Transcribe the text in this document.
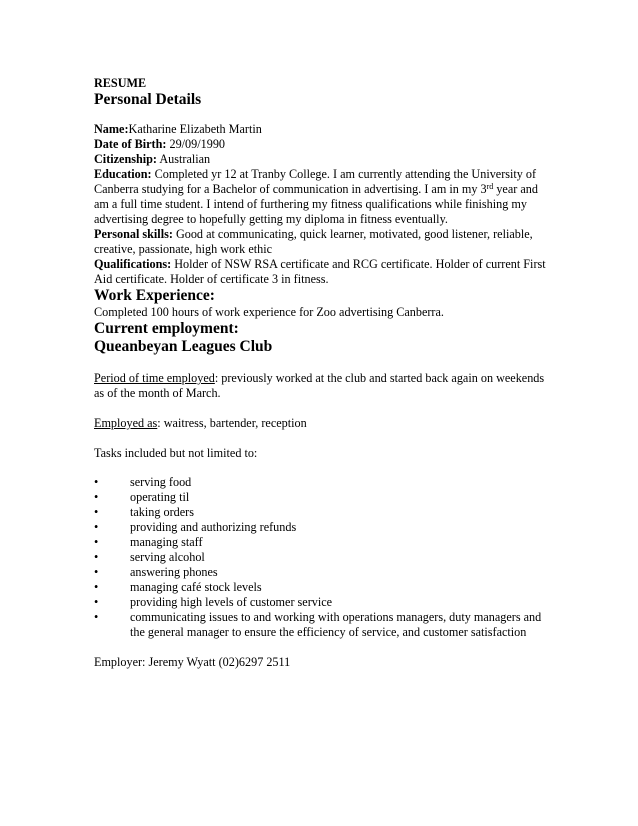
RESUME

Personal Details

Name:Katharine Elizabeth Martin

Date of Birth: 29/09/1990

Citizenship: Australian

Education: Completed yr 12 at Tranby College. I am currently attending the University of Canberra studying for a Bachelor of communication in advertising. I am in my 3rd year and am a full time student. I intend of furthering my fitness qualifications while finishing my advertising degree to hopefully getting my diploma in fitness eventually.

Personal skills: Good at communicating, quick learner, motivated, good listener, reliable, creative, passionate, high work ethic

Qualifications: Holder of NSW RSA certificate and RCG certificate. Holder of current First Aid certificate. Holder of certificate 3 in fitness.

Work Experience:

Completed 100 hours of work experience for Zoo advertising Canberra.

Current employment:
Queanbeyan Leagues Club

Period of time employed: previously worked at the club and started back again on weekends as of the month of March.

Employed as: waitress, bartender, reception

Tasks included but not limited to:

•	serving food
•	operating til
•	taking orders
•	providing and authorizing refunds
•	managing staff
•	serving alcohol
•	answering phones
•	managing café stock levels
•	providing high levels of customer service
•	communicating issues to and working with operations managers, duty managers and the general manager to ensure the efficiency of service, and customer satisfaction

Employer: Jeremy Wyatt (02)6297 2511
